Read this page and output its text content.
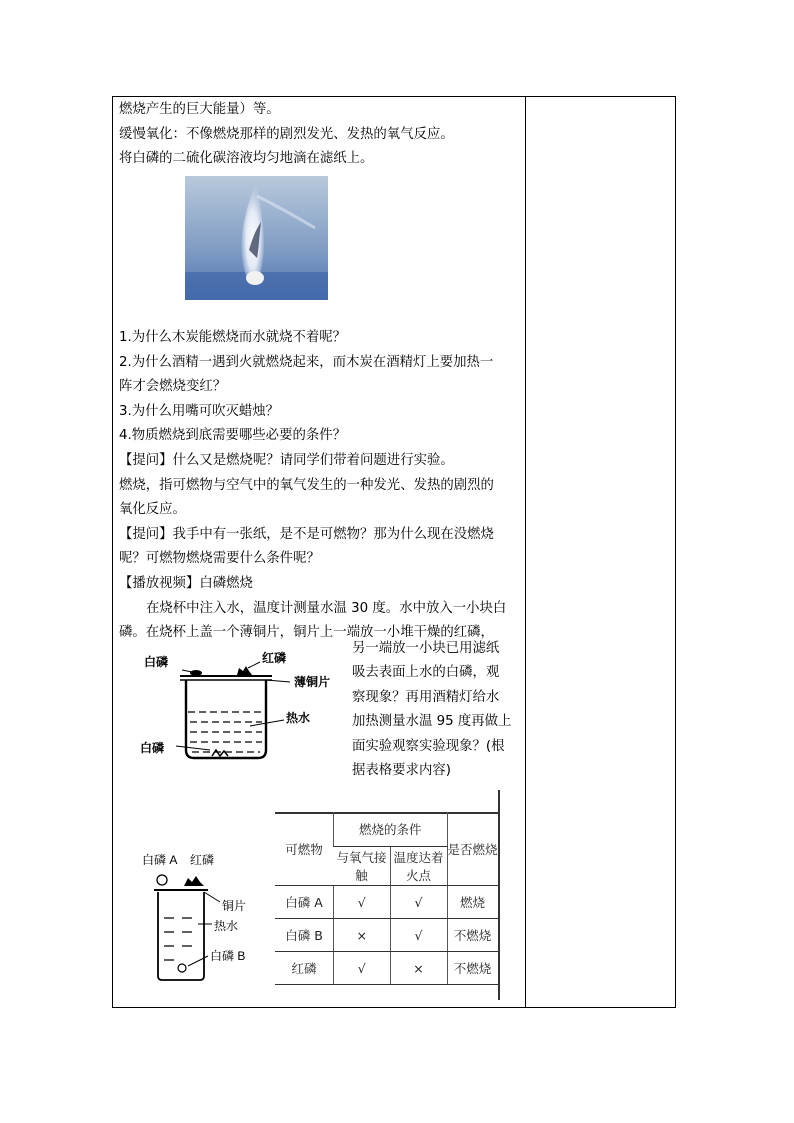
燃烧产生的巨大能量）等。

缓慢氧化：不像燃烧那样的剧烈发光、发热的氧气反应。

将白磷的二硫化碳溶液均匀地滴在滤纸上。

1.为什么木炭能燃烧而水就烧不着呢？

2.为什么酒精一遇到火就燃烧起来，而木炭在酒精灯上要加热一

阵才会燃烧变红？

3.为什么用嘴可吹灭蜡烛？

4.物质燃烧到底需要哪些必要的条件？

【提问】什么又是燃烧呢？请同学们带着问题进行实验。

燃烧，指可燃物与空气中的氧气发生的一种发光、发热的剧烈的

氧化反应。

【提问】我手中有一张纸，是不是可燃物？那为什么现在没燃烧

呢？可燃物燃烧需要什么条件呢？

【播放视频】白磷燃烧

在烧杯中注入水，温度计测量水温 30 度。水中放入一小块白

磷。在烧杯上盖一个薄铜片，铜片上一端放一小堆干燥的红磷，

白磷	红磷
薄铜片
热水
白磷

另一端放一小块已用滤纸

吸去表面上水的白磷，观

察现象？再用酒精灯给水

加热测量水温 95 度再做上

面实验观察实验现象？(根

据表格要求内容)

白磷 A 红磷
铜片
热水
白磷 B
可燃物	燃烧的条件		是否燃烧
	与氧气接触	温度达着火点	
白磷 A	√	√	燃烧
白磷 B	×	√	不燃烧
红磷	√	×	不燃烧
